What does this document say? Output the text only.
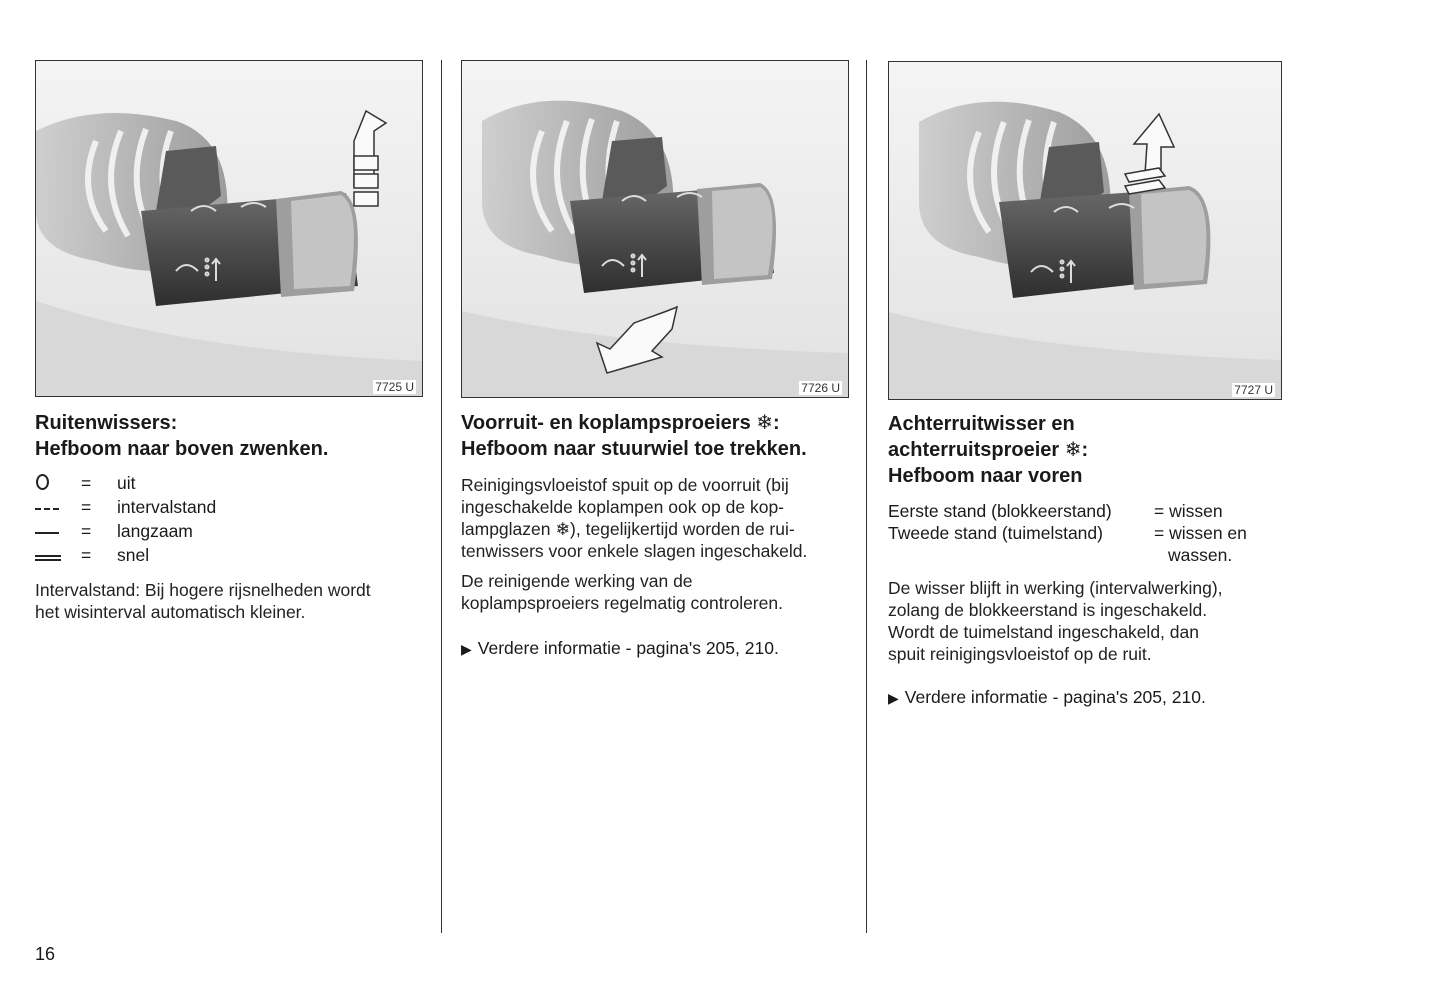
7725 U

Ruitenwissers:
Hefboom naar boven zwenken.

=	uit
=	intervalstand
=	langzaam
=	snel

Intervalstand: Bij hogere rijsnelheden wordt
het wisinterval automatisch kleiner.

7726 U

Voorruit- en koplampsproeiers ❄:
Hefboom naar stuurwiel toe trekken.

Reinigingsvloeistof spuit op de voorruit (bij
ingeschakelde koplampen ook op de kop-
lampglazen ❄), tegelijkertijd worden de rui-
tenwissers voor enkele slagen ingeschakeld.

De reinigende werking van de
koplampsproeiers regelmatig controleren.

▶ Verdere informatie - pagina's 205, 210.

7727 U

Achterruitwisser en
achterruitsproeier ❄:
Hefboom naar voren

Eerste stand (blokkeerstand)	= wissen
Tweede stand (tuimelstand)	= wissen en
wassen.

De wisser blijft in werking (intervalwerking),
zolang de blokkeerstand is ingeschakeld.
Wordt de tuimelstand ingeschakeld, dan
spuit reinigingsvloeistof op de ruit.

▶ Verdere informatie - pagina's 205, 210.

16
